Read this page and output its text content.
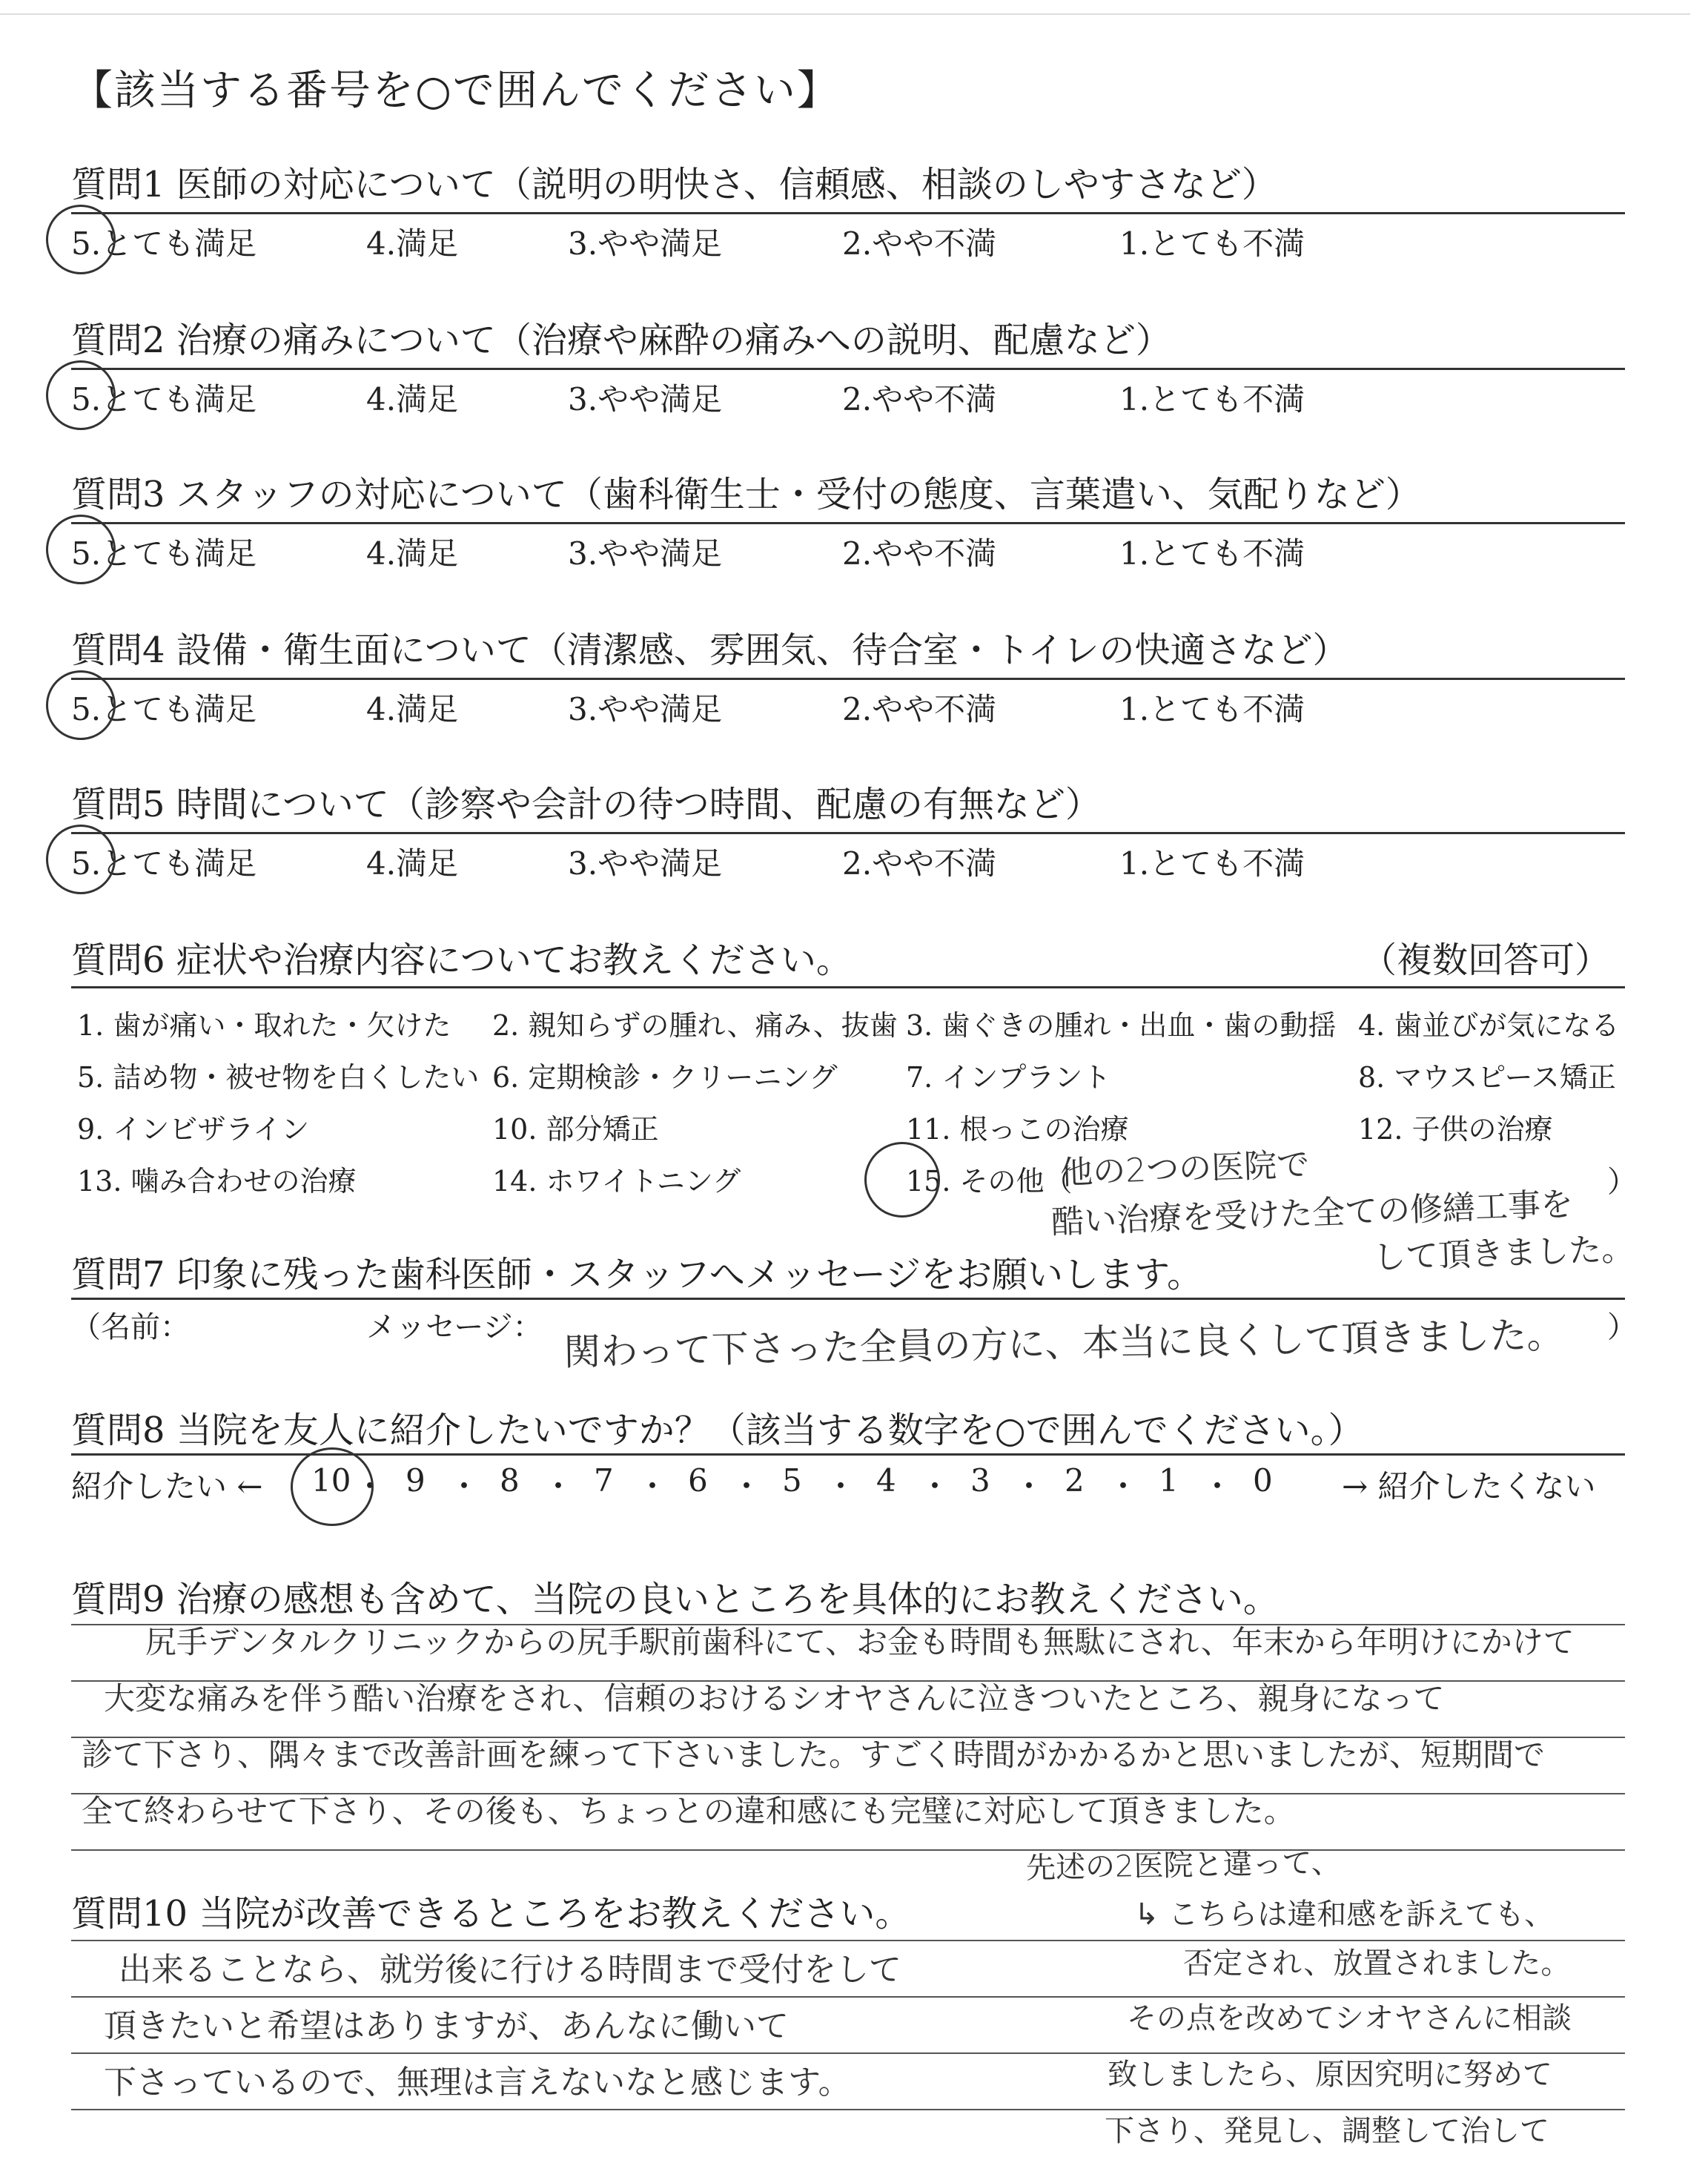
【該当する番号を○で囲んでください】
質問1 医師の対応について（説明の明快さ、信頼感、相談のしやすさなど）
5.とても満足	4.満足	3.やや満足	2.やや不満	1.とても不満
質問2 治療の痛みについて（治療や麻酔の痛みへの説明、配慮など）
5.とても満足	4.満足	3.やや満足	2.やや不満	1.とても不満
質問3 スタッフの対応について（歯科衛生士・受付の態度、言葉遣い、気配りなど）
5.とても満足	4.満足	3.やや満足	2.やや不満	1.とても不満
質問4 設備・衛生面について（清潔感、雰囲気、待合室・トイレの快適さなど）
5.とても満足	4.満足	3.やや満足	2.やや不満	1.とても不満
質問5 時間について（診察や会計の待つ時間、配慮の有無など）
5.とても満足	4.満足	3.やや満足	2.やや不満	1.とても不満
質問6 症状や治療内容についてお教えください。	（複数回答可）
1. 歯が痛い・取れた・欠けた 2. 親知らずの腫れ、痛み、抜歯 3. 歯ぐきの腫れ・出血・歯の動揺 4. 歯並びが気になる
5. 詰め物・被せ物を白くしたい 6. 定期検診・クリーニング 7. インプラント	8. マウスピース矯正
9. インビザライン	10. 部分矯正	11. 根っこの治療	12. 子供の治療
13. 噛み合わせの治療	14. ホワイトニング	15. その他（
他の2つの医院で
酷い治療を受けた全ての修繕工事を
して頂きました。
）
質問7 印象に残った歯科医師・スタッフへメッセージをお願いします。
（名前：	メッセージ： 関わって下さった全員の方に、本当に良くして頂きました。 ）
質問8 当院を友人に紹介したいですか？（該当する数字を○で囲んでください。）
紹介したい ←	→ 紹介したくない
10 ・ 9 ・ 8 ・ 7 ・ 6 ・ 5 ・ 4 ・ 3 ・ 2 ・ 1 ・ 0
質問9 治療の感想も含めて、当院の良いところを具体的にお教えください。
尻手デンタルクリニックからの尻手駅前歯科にて、お金も時間も無駄にされ、年末から年明けにかけて
大変な痛みを伴う酷い治療をされ、信頼のおけるシオヤさんに泣きついたところ、親身になって
診て下さり、隅々まで改善計画を練って下さいました。すごく時間がかかるかと思いましたが、短期間で
全て終わらせて下さり、その後も、ちょっとの違和感にも完璧に対応して頂きました。
質問10 当院が改善できるところをお教えください。
出来ることなら、就労後に行ける時間まで受付をして
頂きたいと希望はありますが、あんなに働いて
下さっているので、無理は言えないなと感じます。
先述の2医院と違って、
↳ こちらは違和感を訴えても、
否定され、放置されました。
その点を改めてシオヤさんに相談
致しましたら、原因究明に努めて
下さり、発見し、調整して治して
